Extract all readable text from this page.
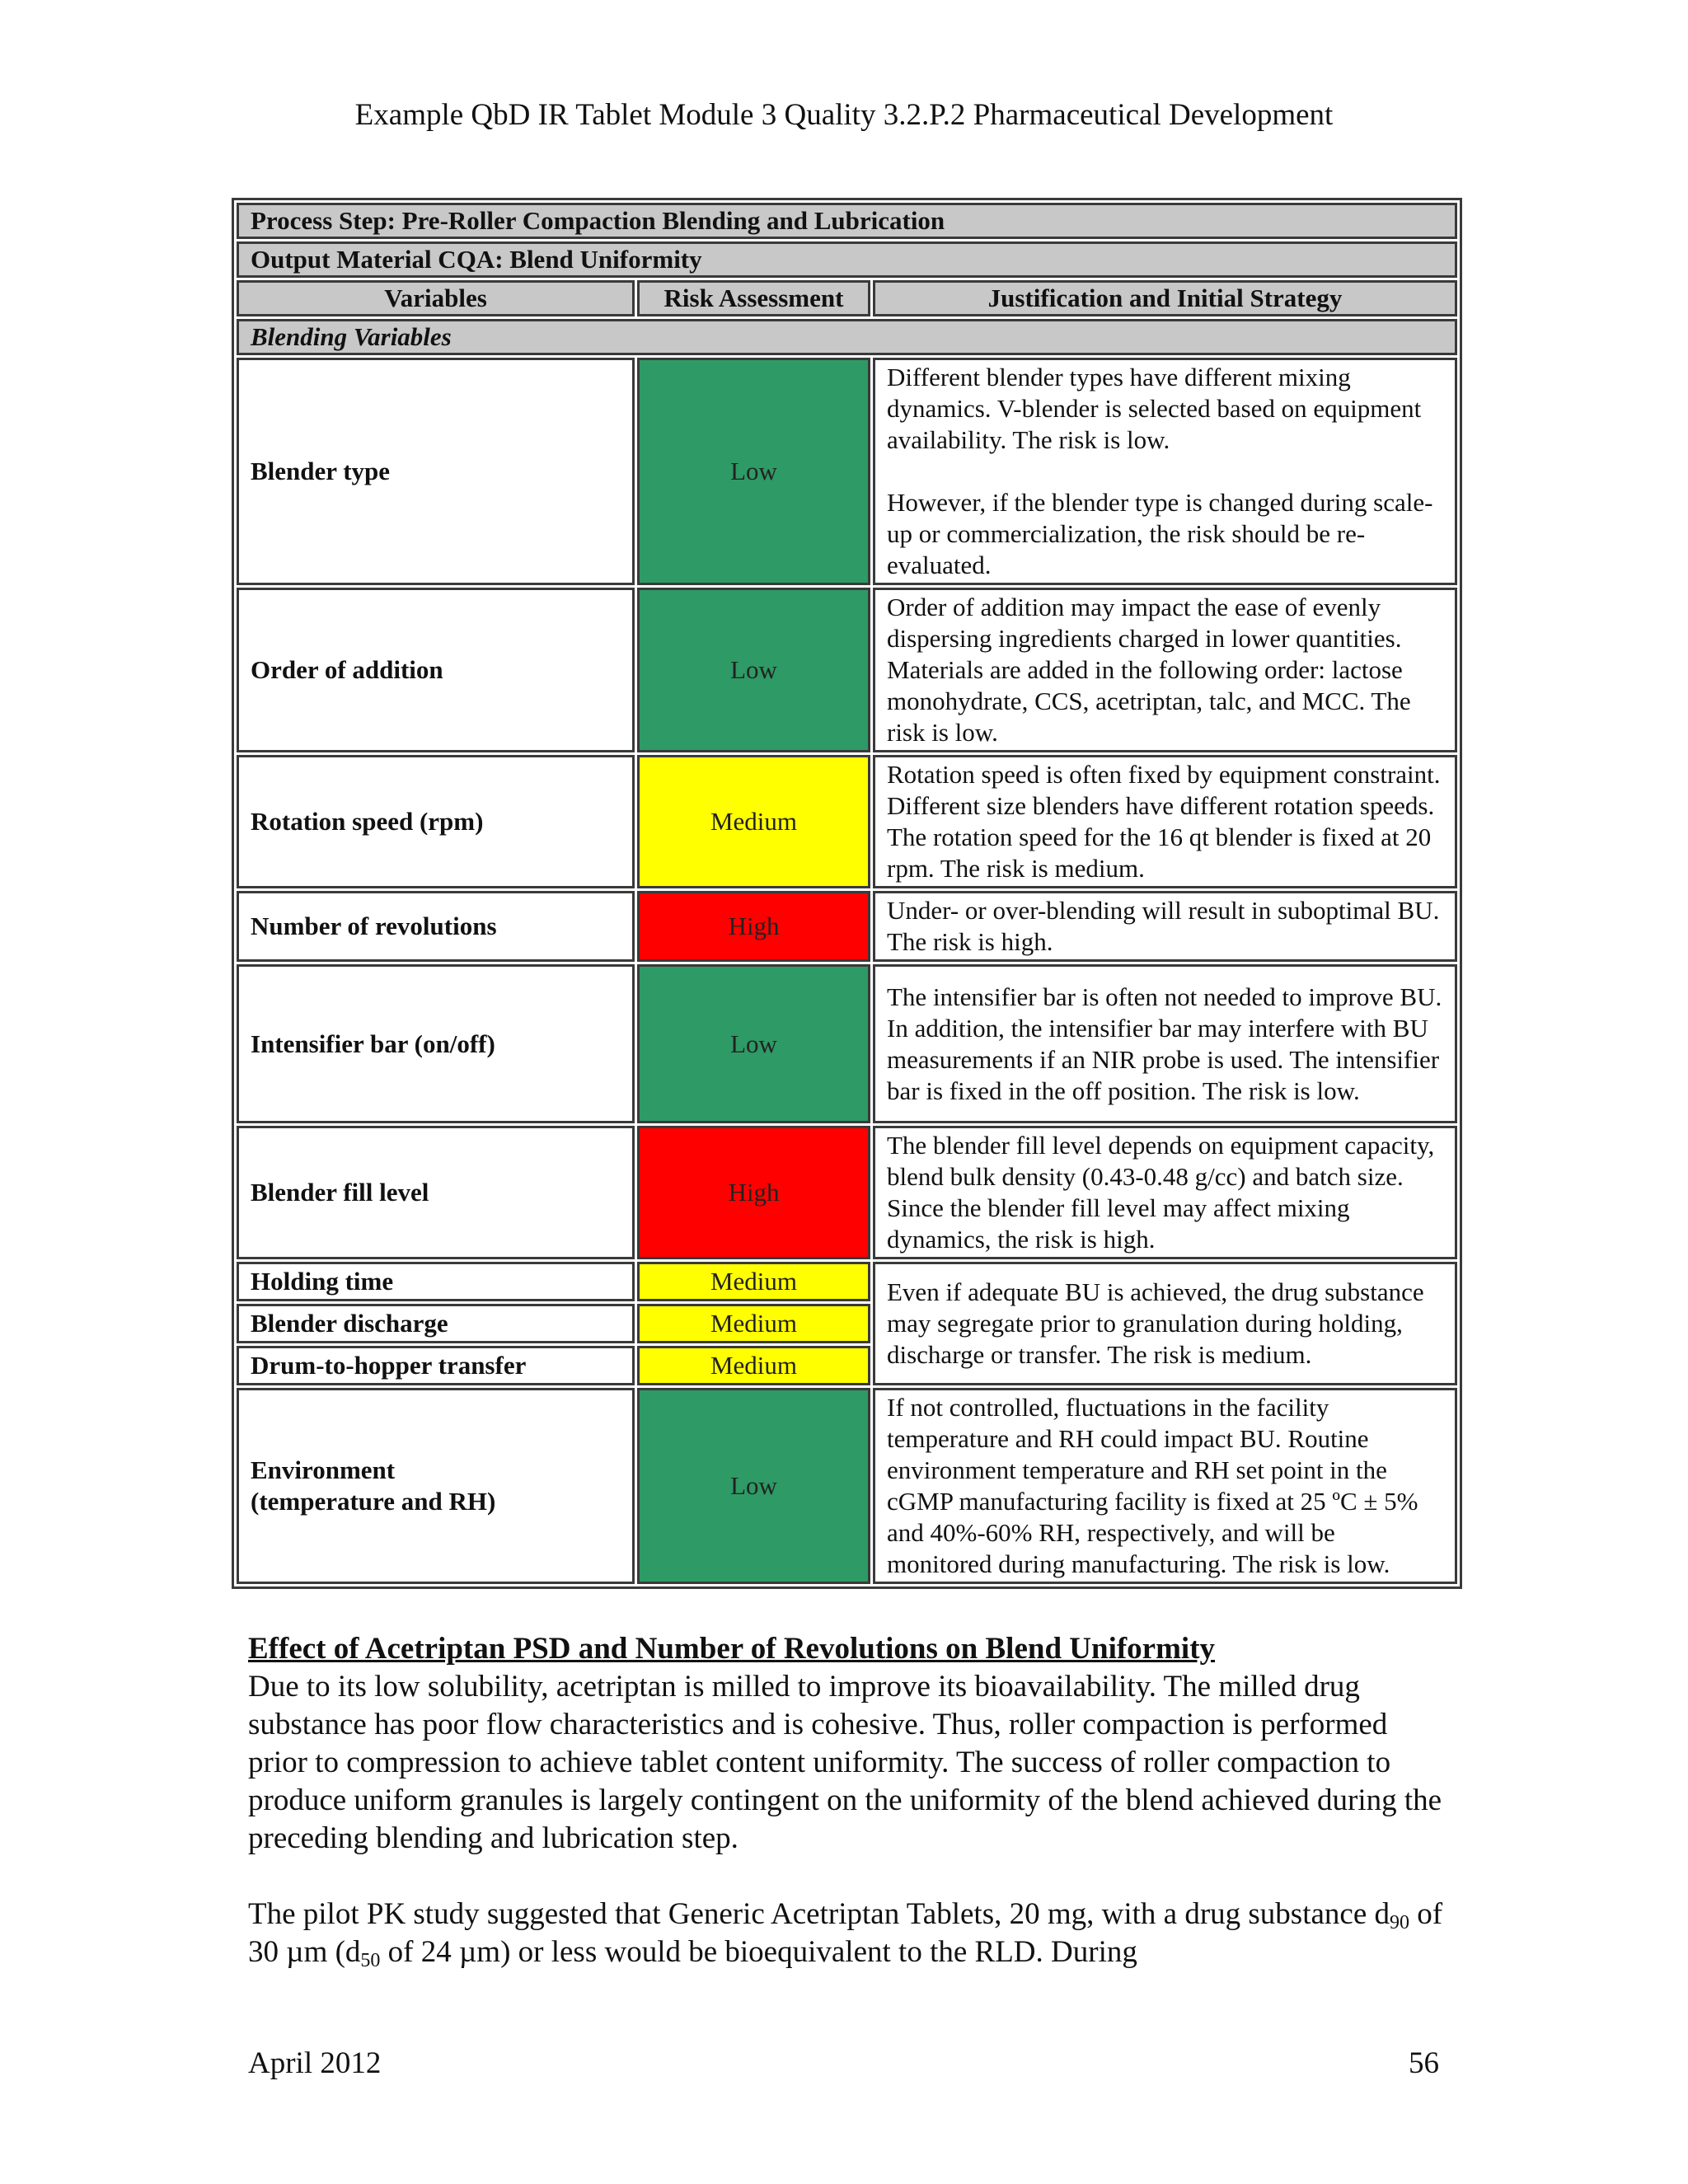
Example QbD IR Tablet Module 3 Quality 3.2.P.2 Pharmaceutical Development
Process Step: Pre-Roller Compaction Blending and Lubrication		
Output Material CQA: Blend Uniformity		
Variables	Risk Assessment	Justification and Initial Strategy
Blending Variables		
Blender type	Low	Different blender types have different mixing dynamics. V-blender is selected based on equipment availability. The risk is low.

However, if the blender type is changed during scale-up or commercialization, the risk should be re-evaluated.

Order of addition	Low	Order of addition may impact the ease of evenly dispersing ingredients charged in lower quantities. Materials are added in the following order: lactose monohydrate, CCS, acetriptan, talc, and MCC. The risk is low.
Rotation speed (rpm)	Medium	Rotation speed is often fixed by equipment constraint. Different size blenders have different rotation speeds. The rotation speed for the 16 qt blender is fixed at 20 rpm. The risk is medium.
Number of revolutions	High	Under- or over-blending will result in suboptimal BU. The risk is high.
Intensifier bar (on/off)	Low	The intensifier bar is often not needed to improve BU. In addition, the intensifier bar may interfere with BU measurements if an NIR probe is used. The intensifier bar is fixed in the off position. The risk is low.
Blender fill level	High	The blender fill level depends on equipment capacity, blend bulk density (0.43-0.48 g/cc) and batch size. Since the blender fill level may affect mixing dynamics, the risk is high.
Holding time	Medium	Even if adequate BU is achieved, the drug substance may segregate prior to granulation during holding, discharge or transfer. The risk is medium.
Blender discharge	Medium	
Drum-to-hopper transfer	Medium	

Environment
(temperature and RH)	Low	If not controlled, fluctuations in the facility temperature and RH could impact BU. Routine environment temperature and RH set point in the cGMP manufacturing facility is fixed at 25 ºC ± 5% and 40%-60% RH, respectively, and will be monitored during manufacturing. The risk is low.
Effect of Acetriptan PSD and Number of Revolutions on Blend Uniformity

Due to its low solubility, acetriptan is milled to improve its bioavailability. The milled drug substance has poor flow characteristics and is cohesive. Thus, roller compaction is performed prior to compression to achieve tablet content uniformity. The success of roller compaction to produce uniform granules is largely contingent on the uniformity of the blend achieved during the preceding blending and lubrication step.

The pilot PK study suggested that Generic Acetriptan Tablets, 20 mg, with a drug substance $d_{90}$ of 30 µm ($d_{50}$ of 24 µm) or less would be bioequivalent to the RLD. During

April 2012	56
